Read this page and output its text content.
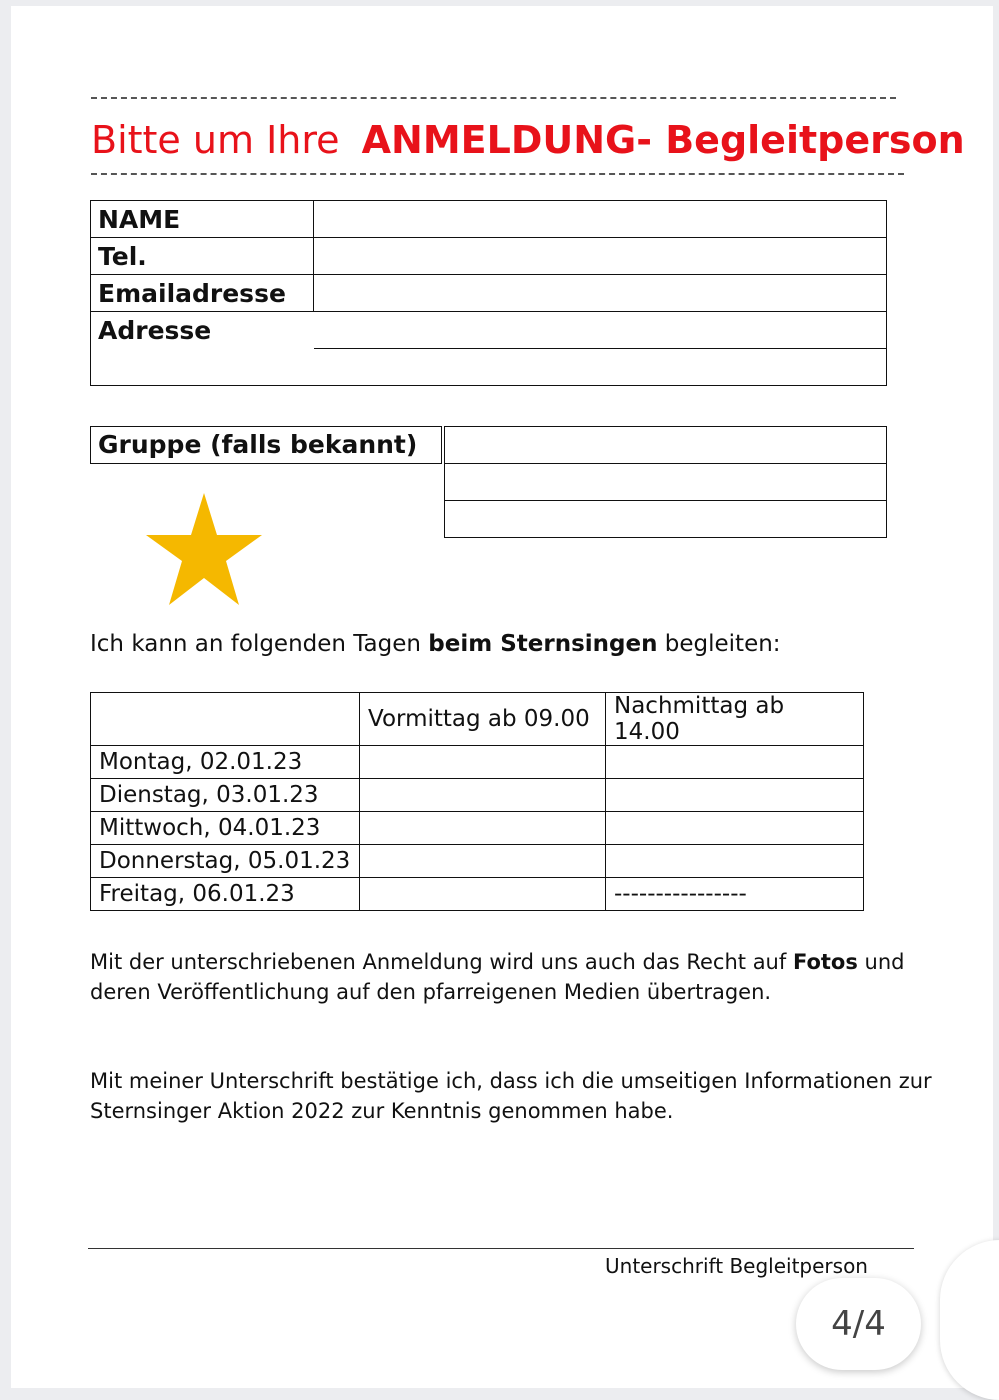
Bitte um Ihre ANMELDUNG- Begleitperson
NAME	
Tel.	
Emailadresse	
Adresse	

Gruppe (falls bekannt)

Ich kann an folgenden Tagen beim Sternsingen begleiten:
	Vormittag ab 09.00	Nachmittag ab 14.00
Montag, 02.01.23		
Dienstag, 03.01.23		
Mittwoch, 04.01.23		
Donnerstag, 05.01.23		
Freitag, 06.01.23		----------------
Mit der unterschriebenen Anmeldung wird uns auch das Recht auf Fotos und deren Veröffentlichung auf den pfarreigenen Medien übertragen.
Mit meiner Unterschrift bestätige ich, dass ich die umseitigen Informationen zur Sternsinger Aktion 2022 zur Kenntnis genommen habe.
Unterschrift Begleitperson
4/4
